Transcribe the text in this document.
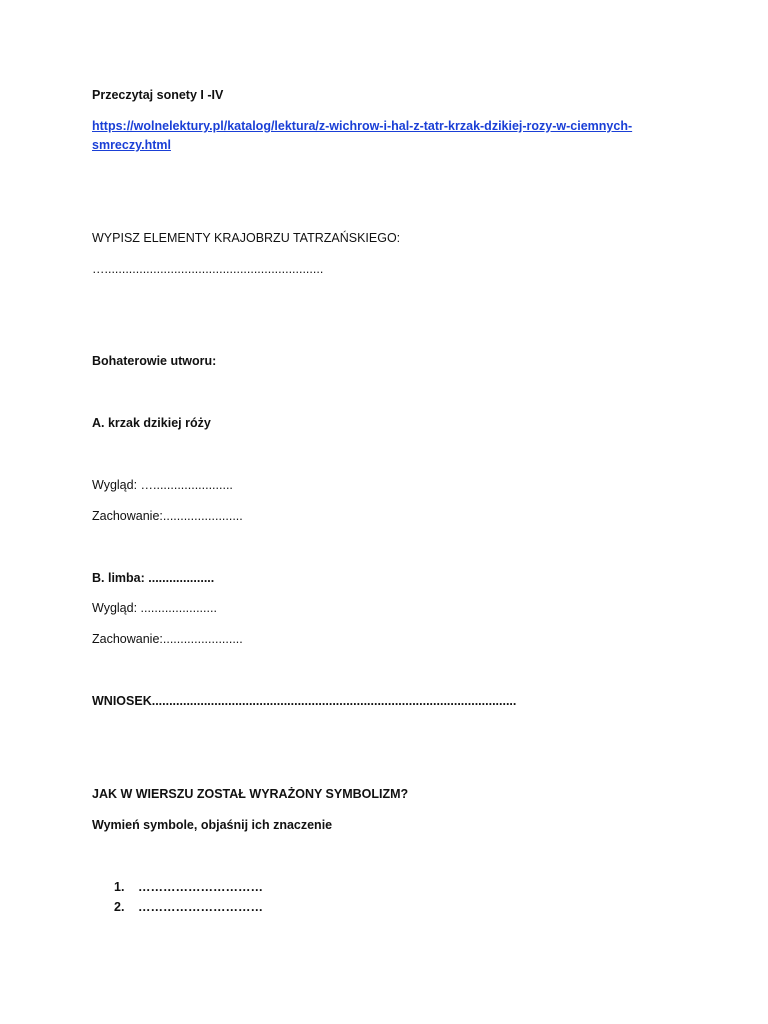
Przeczytaj sonety I -IV
https://wolnelektury.pl/katalog/lektura/z-wichrow-i-hal-z-tatr-krzak-dzikiej-rozy-w-ciemnych-
smreczy.html
WYPISZ ELEMENTY KRAJOBRZU TATRZAŃSKIEGO:
…...............................................................
Bohaterowie utworu:
A. krzak dzikiej róży
Wygląd: ….......................
Zachowanie:.......................
B. limba: ...................
Wygląd: ......................
Zachowanie:.......................
WNIOSEK.........................................................................................................
JAK W WIERSZU ZOSTAŁ WYRAŻONY SYMBOLIZM?
Wymień symbole, objaśnij ich znaczenie
1. …………………………
2. …………………………
